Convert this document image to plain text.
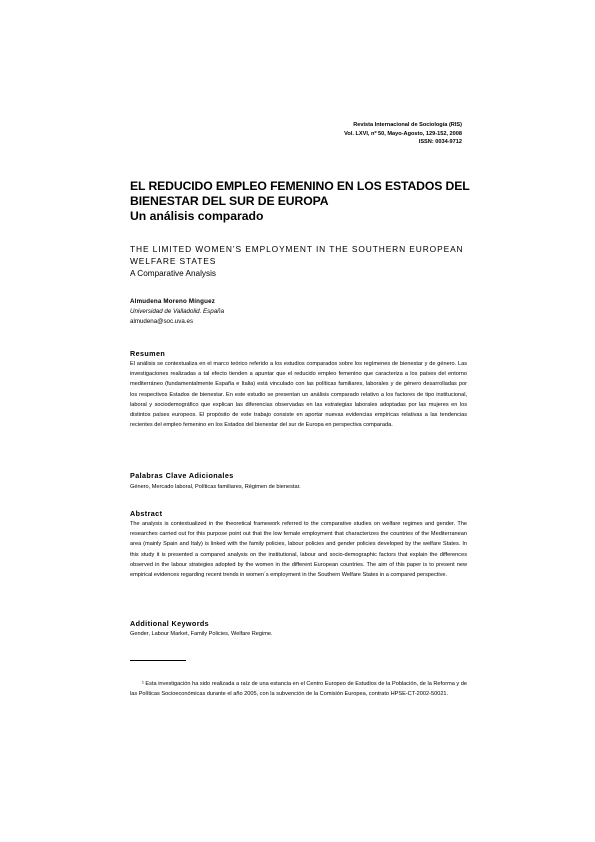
Revista Internacional de Sociología (RIS)
Vol. LXVI, nº 50, Mayo-Agosto, 129-152, 2008
ISSN: 0034-9712
EL REDUCIDO EMPLEO FEMENINO EN LOS ESTADOS DEL
BIENESTAR DEL SUR DE EUROPA
Un análisis comparado
THE LIMITED WOMEN’S EMPLOYMENT IN THE SOUTHERN EUROPEAN
WELFARE STATES
A Comparative Analysis
Almudena Moreno Mínguez
Universidad de Valladolid. España
almudena@soc.uva.es
Resumen
El análisis se contextualiza en el marco teórico referido a los estudios comparados sobre los regímenes de bienestar y de género. Las investigaciones realizadas a tal efecto tienden a apuntar que el reducido empleo femenino que caracteriza a los países del entorno mediterráneo (fundamentalmente España e Italia) está vinculado con las políticas familiares, laborales y de género desarrolladas por los respectivos Estados de bienestar. En este estudio se presentan un análisis comparado relativo a los factores de tipo institucional, laboral y sociodemográfico que explican las diferencias observadas en las estrategias laborales adoptadas por las mujeres en los distintos países europeos. El propósito de este trabajo consiste en aportar nuevas evidencias empíricas relativas a las tendencias recientes del empleo femenino en los Estados del bienestar del sur de Europa en perspectiva comparada.
Palabras Clave Adicionales
Género, Mercado laboral, Políticas familiares, Régimen de bienestar.
Abstract
The analysis is contextualized in the theoretical framework referred to the comparative studies on welfare regimes and gender. The researches carried out for this purpose point out that the low female employment that characterizes the countries of the Mediterranean area (mainly Spain and Italy) is linked with the family policies, labour policies and gender policies developed by the welfare States. In this study it is presented a compared analysis on the institutional, labour and socio-demographic factors that explain the differences observed in the labour strategies adopted by the women in the different European countries. The aim of this paper is to present new empirical evidences regarding recent trends in women´s employment in the Southern Welfare States in a compared perspective.
Additional Keywords
Gender, Labour Market, Family Policies, Welfare Regime.
¹ Esta investigación ha sido realizada a raíz de una estancia en el Centro Europeo de Estudios de la Población, de la Reforma y de las Políticas Socioeconómicas durante el año 2005, con la subvención de la Comisión Europea, contrato HPSE-CT-2002-50021.
